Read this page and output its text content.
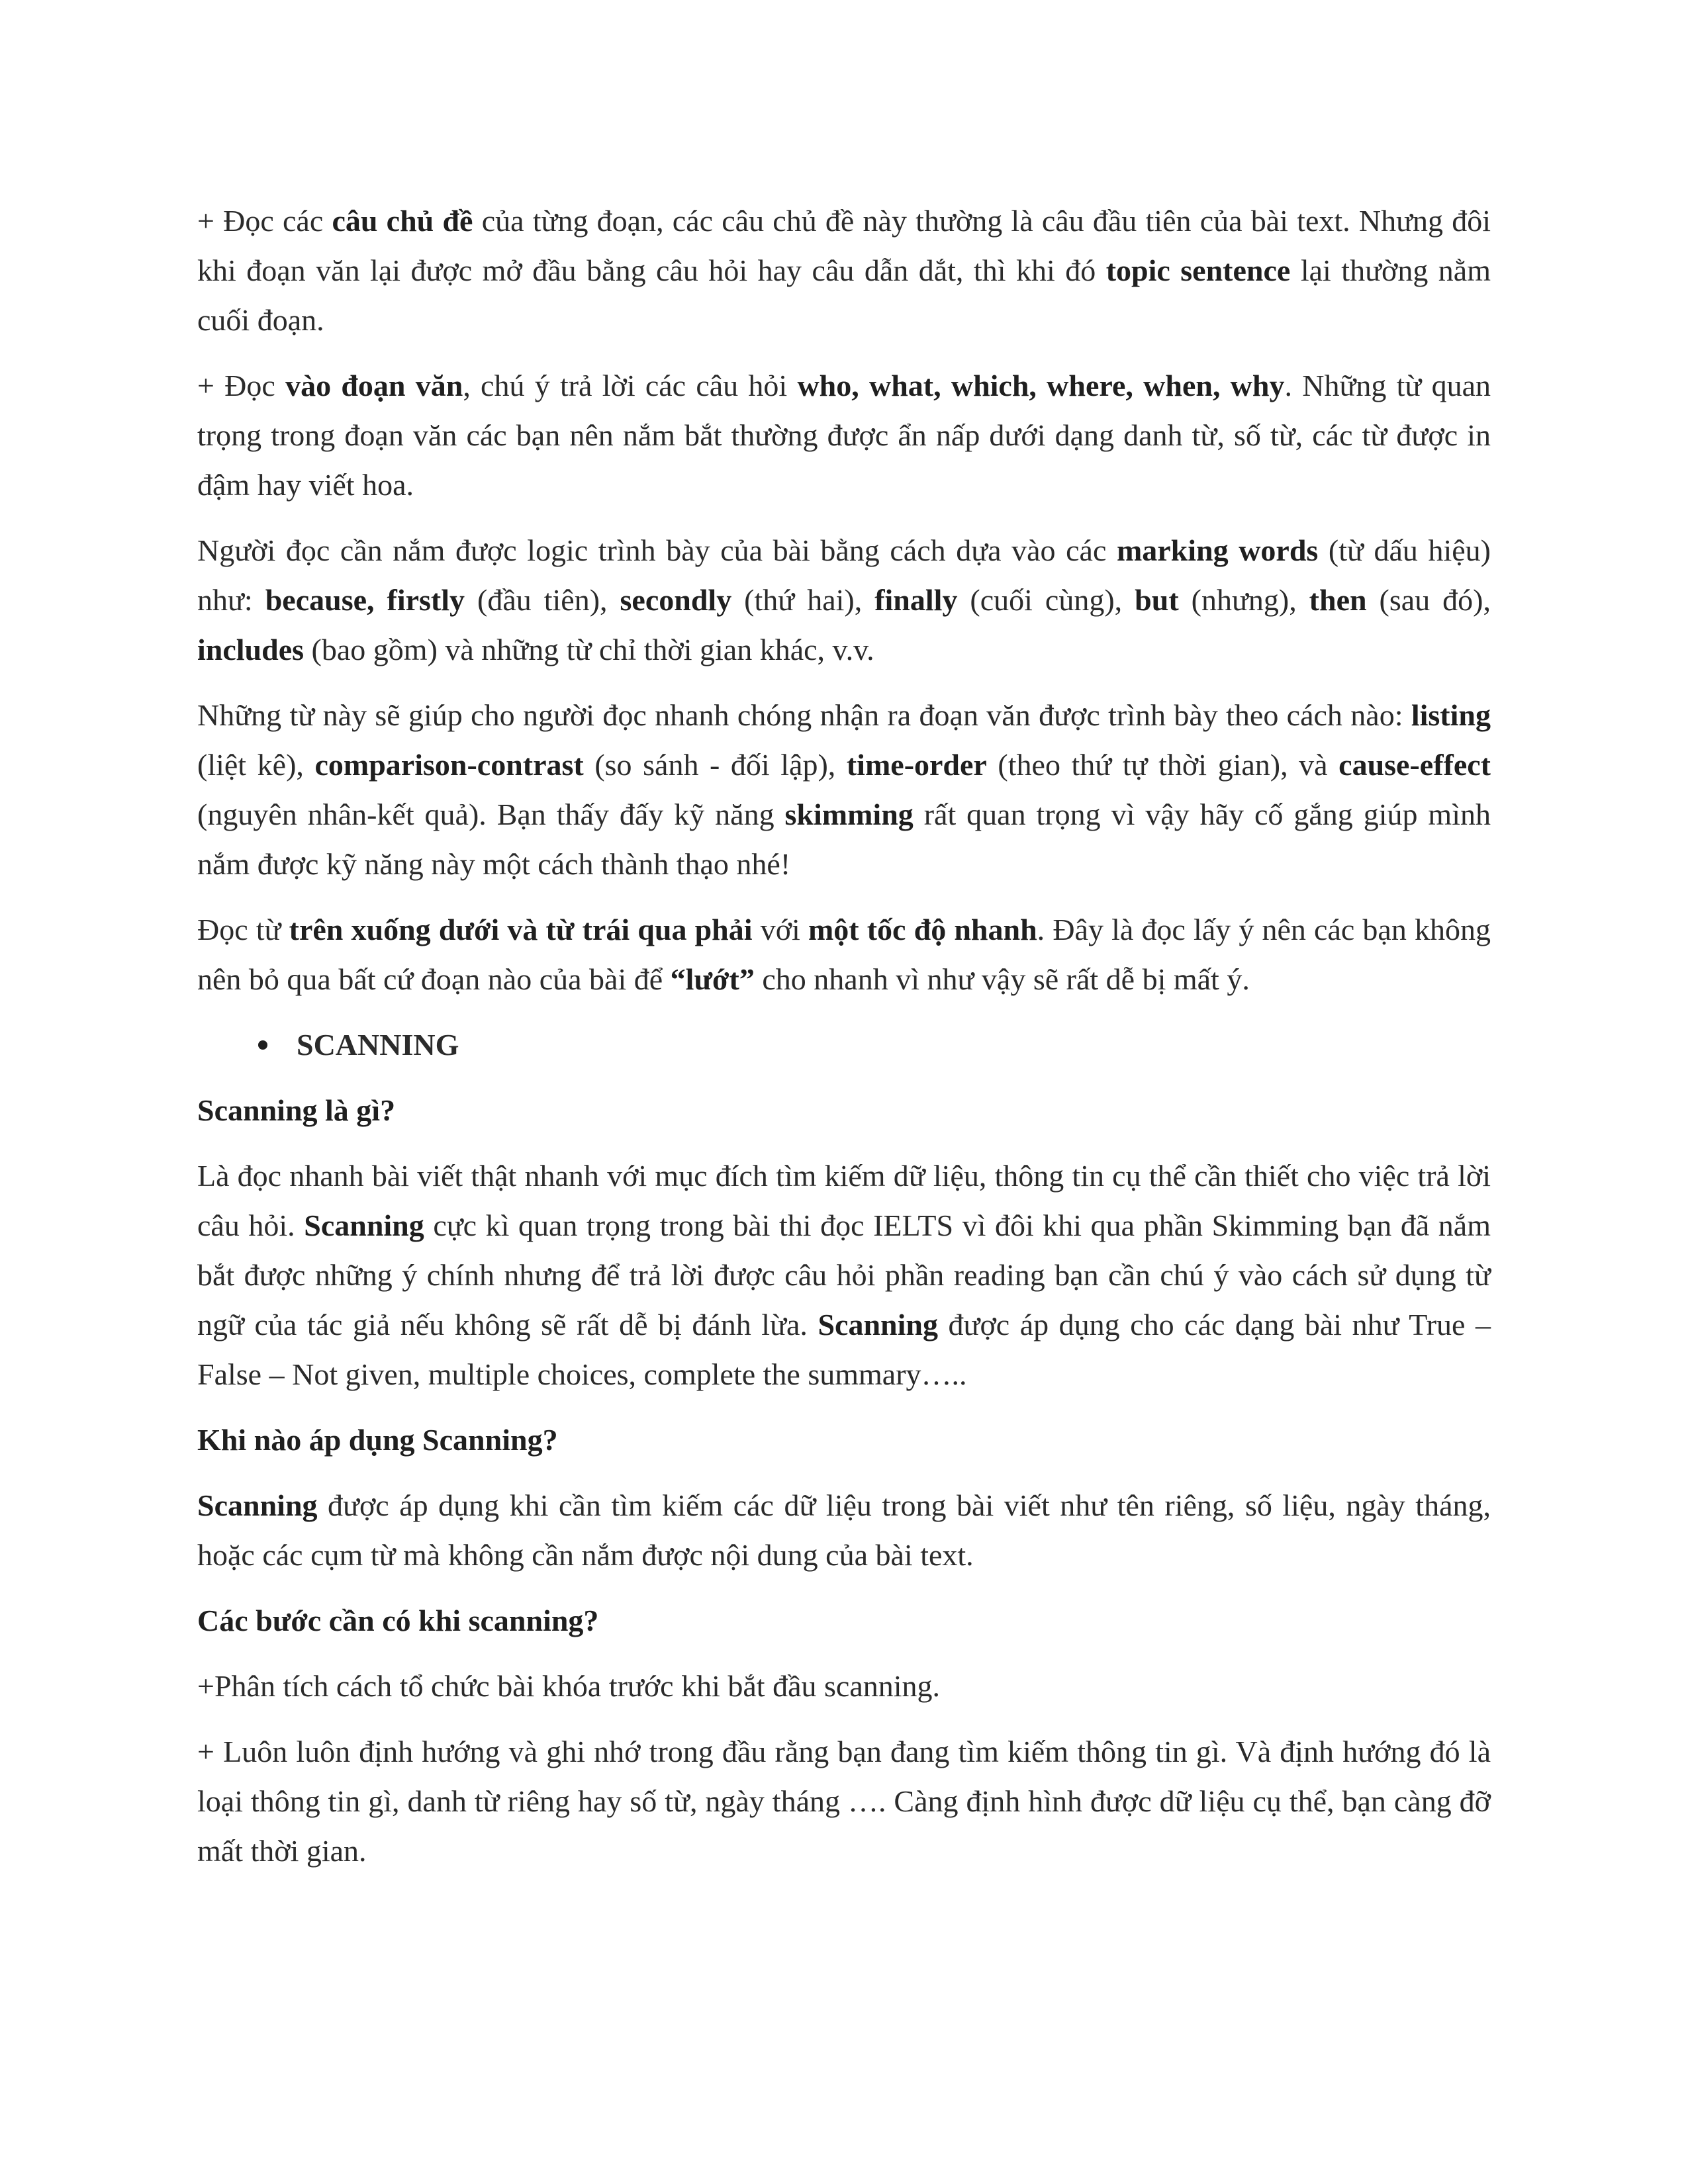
+ Đọc các câu chủ đề của từng đoạn, các câu chủ đề này thường là câu đầu tiên của bài text. Nhưng đôi khi đoạn văn lại được mở đầu bằng câu hỏi hay câu dẫn dắt, thì khi đó topic sentence lại thường nằm cuối đoạn.

+ Đọc vào đoạn văn, chú ý trả lời các câu hỏi who, what, which, where, when, why. Những từ quan trọng trong đoạn văn các bạn nên nắm bắt thường được ẩn nấp dưới dạng danh từ, số từ, các từ được in đậm hay viết hoa.

Người đọc cần nắm được logic trình bày của bài bằng cách dựa vào các marking words (từ dấu hiệu) như: because, firstly (đầu tiên), secondly (thứ hai), finally (cuối cùng), but (nhưng), then (sau đó), includes (bao gồm) và những từ chỉ thời gian khác, v.v.

Những từ này sẽ giúp cho người đọc nhanh chóng nhận ra đoạn văn được trình bày theo cách nào: listing (liệt kê), comparison-contrast (so sánh - đối lập), time-order (theo thứ tự thời gian), và cause-effect (nguyên nhân-kết quả). Bạn thấy đấy kỹ năng skimming rất quan trọng vì vậy hãy cố gắng giúp mình nắm được kỹ năng này một cách thành thạo nhé!

Đọc từ trên xuống dưới và từ trái qua phải với một tốc độ nhanh. Đây là đọc lấy ý nên các bạn không nên bỏ qua bất cứ đoạn nào của bài để “lướt” cho nhanh vì như vậy sẽ rất dễ bị mất ý.

SCANNING

Scanning là gì?

Là đọc nhanh bài viết thật nhanh với mục đích tìm kiếm dữ liệu, thông tin cụ thể cần thiết cho việc trả lời câu hỏi. Scanning cực kì quan trọng trong bài thi đọc IELTS vì đôi khi qua phần Skimming bạn đã nắm bắt được những ý chính nhưng để trả lời được câu hỏi phần reading bạn cần chú ý vào cách sử dụng từ ngữ của tác giả nếu không sẽ rất dễ bị đánh lừa. Scanning được áp dụng cho các dạng bài như True – False – Not given, multiple choices, complete the summary…..

Khi nào áp dụng Scanning?

Scanning được áp dụng khi cần tìm kiếm các dữ liệu trong bài viết như tên riêng, số liệu, ngày tháng, hoặc các cụm từ mà không cần nắm được nội dung của bài text.

Các bước cần có khi scanning?

+Phân tích cách tổ chức bài khóa trước khi bắt đầu scanning.

+ Luôn luôn định hướng và ghi nhớ trong đầu rằng bạn đang tìm kiếm thông tin gì. Và định hướng đó là loại thông tin gì, danh từ riêng hay số từ, ngày tháng …. Càng định hình được dữ liệu cụ thể, bạn càng đỡ mất thời gian.
